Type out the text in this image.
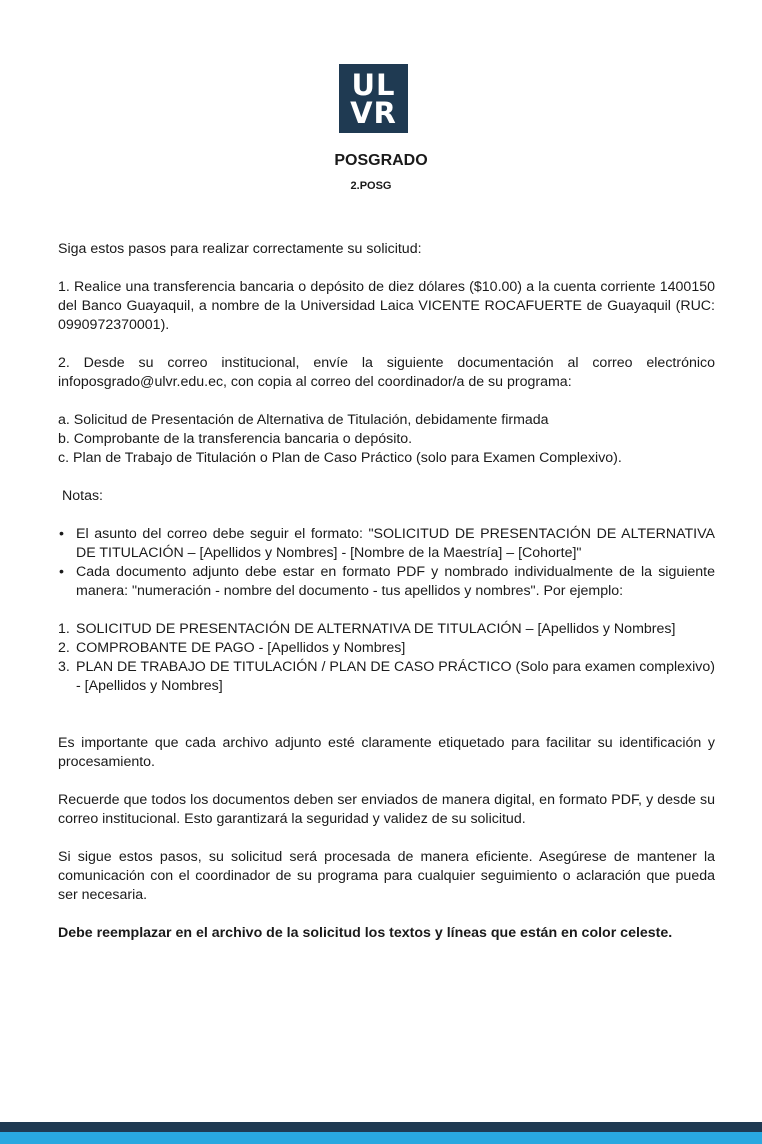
UL
VR
POSGRADO
2.POSG

Siga estos pasos para realizar correctamente su solicitud:

1. Realice una transferencia bancaria o depósito de diez dólares ($10.00) a la cuenta corriente 1400150 del Banco Guayaquil, a nombre de la Universidad Laica VICENTE ROCAFUERTE de Guayaquil (RUC: 0990972370001).

2. Desde su correo institucional, envíe la siguiente documentación al correo electrónico infoposgrado@ulvr.edu.ec, con copia al correo del coordinador/a de su programa:

a. Solicitud de Presentación de Alternativa de Titulación, debidamente firmada
b. Comprobante de la transferencia bancaria o depósito.
c. Plan de Trabajo de Titulación o Plan de Caso Práctico (solo para Examen Complexivo).

Notas:

• El asunto del correo debe seguir el formato: "SOLICITUD DE PRESENTACIÓN DE ALTERNATIVA DE TITULACIÓN – [Apellidos y Nombres] - [Nombre de la Maestría] – [Cohorte]"
• Cada documento adjunto debe estar en formato PDF y nombrado individualmente de la siguiente manera: "numeración - nombre del documento - tus apellidos y nombres". Por ejemplo:
1. SOLICITUD DE PRESENTACIÓN DE ALTERNATIVA DE TITULACIÓN – [Apellidos y Nombres]
2. COMPROBANTE DE PAGO - [Apellidos y Nombres]
3. PLAN DE TRABAJO DE TITULACIÓN / PLAN DE CASO PRÁCTICO (Solo para examen complexivo) - [Apellidos y Nombres]

Es importante que cada archivo adjunto esté claramente etiquetado para facilitar su identificación y procesamiento.

Recuerde que todos los documentos deben ser enviados de manera digital, en formato PDF, y desde su correo institucional. Esto garantizará la seguridad y validez de su solicitud.

Si sigue estos pasos, su solicitud será procesada de manera eficiente. Asegúrese de mantener la comunicación con el coordinador de su programa para cualquier seguimiento o aclaración que pueda ser necesaria.

Debe reemplazar en el archivo de la solicitud los textos y líneas que están en color celeste.
